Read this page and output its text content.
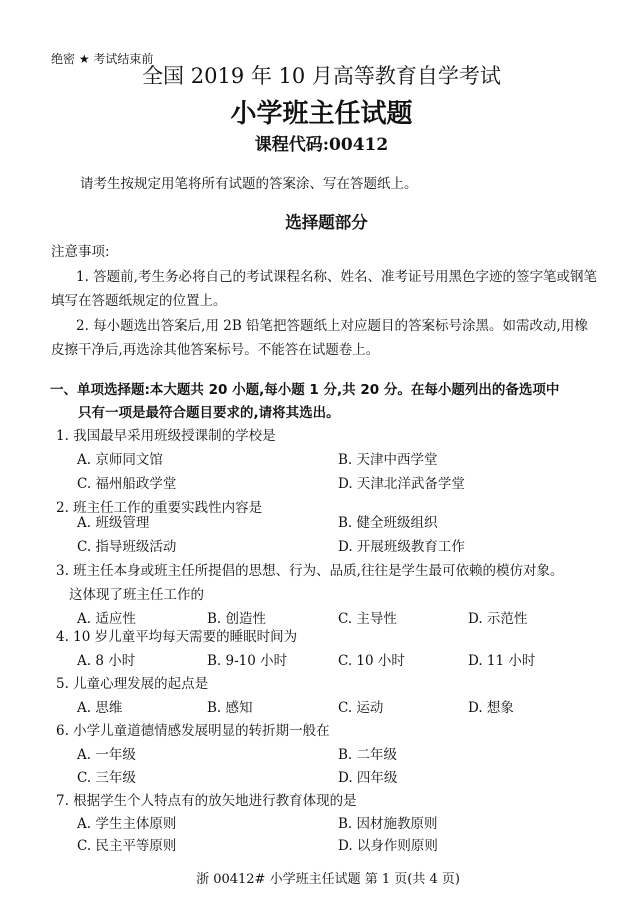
绝密 ★ 考试结束前
全国 2019 年 10 月高等教育自学考试
小学班主任试题
课程代码:00412
请考生按规定用笔将所有试题的答案涂、写在答题纸上。
选择题部分
注意事项:
1. 答题前,考生务必将自己的考试课程名称、姓名、准考证号用黑色字迹的签字笔或钢笔
填写在答题纸规定的位置上。
2. 每小题选出答案后,用 2B 铅笔把答题纸上对应题目的答案标号涂黑。如需改动,用橡
皮擦干净后,再选涂其他答案标号。不能答在试题卷上。
一、单项选择题:本大题共 20 小题,每小题 1 分,共 20 分。在每小题列出的备选项中
只有一项是最符合题目要求的,请将其选出。
1. 我国最早采用班级授课制的学校是
A. 京师同文馆	B. 天津中西学堂
C. 福州船政学堂	D. 天津北洋武备学堂
2. 班主任工作的重要实践性内容是
A. 班级管理	B. 健全班级组织
C. 指导班级活动	D. 开展班级教育工作
3. 班主任本身或班主任所提倡的思想、行为、品质,往往是学生最可依赖的模仿对象。
这体现了班主任工作的
A. 适应性	B. 创造性	C. 主导性	D. 示范性
4. 10 岁儿童平均每天需要的睡眠时间为
A. 8 小时	B. 9-10 小时	C. 10 小时	D. 11 小时
5. 儿童心理发展的起点是
A. 思维	B. 感知	C. 运动	D. 想象
6. 小学儿童道德情感发展明显的转折期一般在
A. 一年级	B. 二年级
C. 三年级	D. 四年级
7. 根据学生个人特点有的放矢地进行教育体现的是
A. 学生主体原则	B. 因材施教原则
C. 民主平等原则	D. 以身作则原则
浙 00412# 小学班主任试题 第 1 页(共 4 页)
